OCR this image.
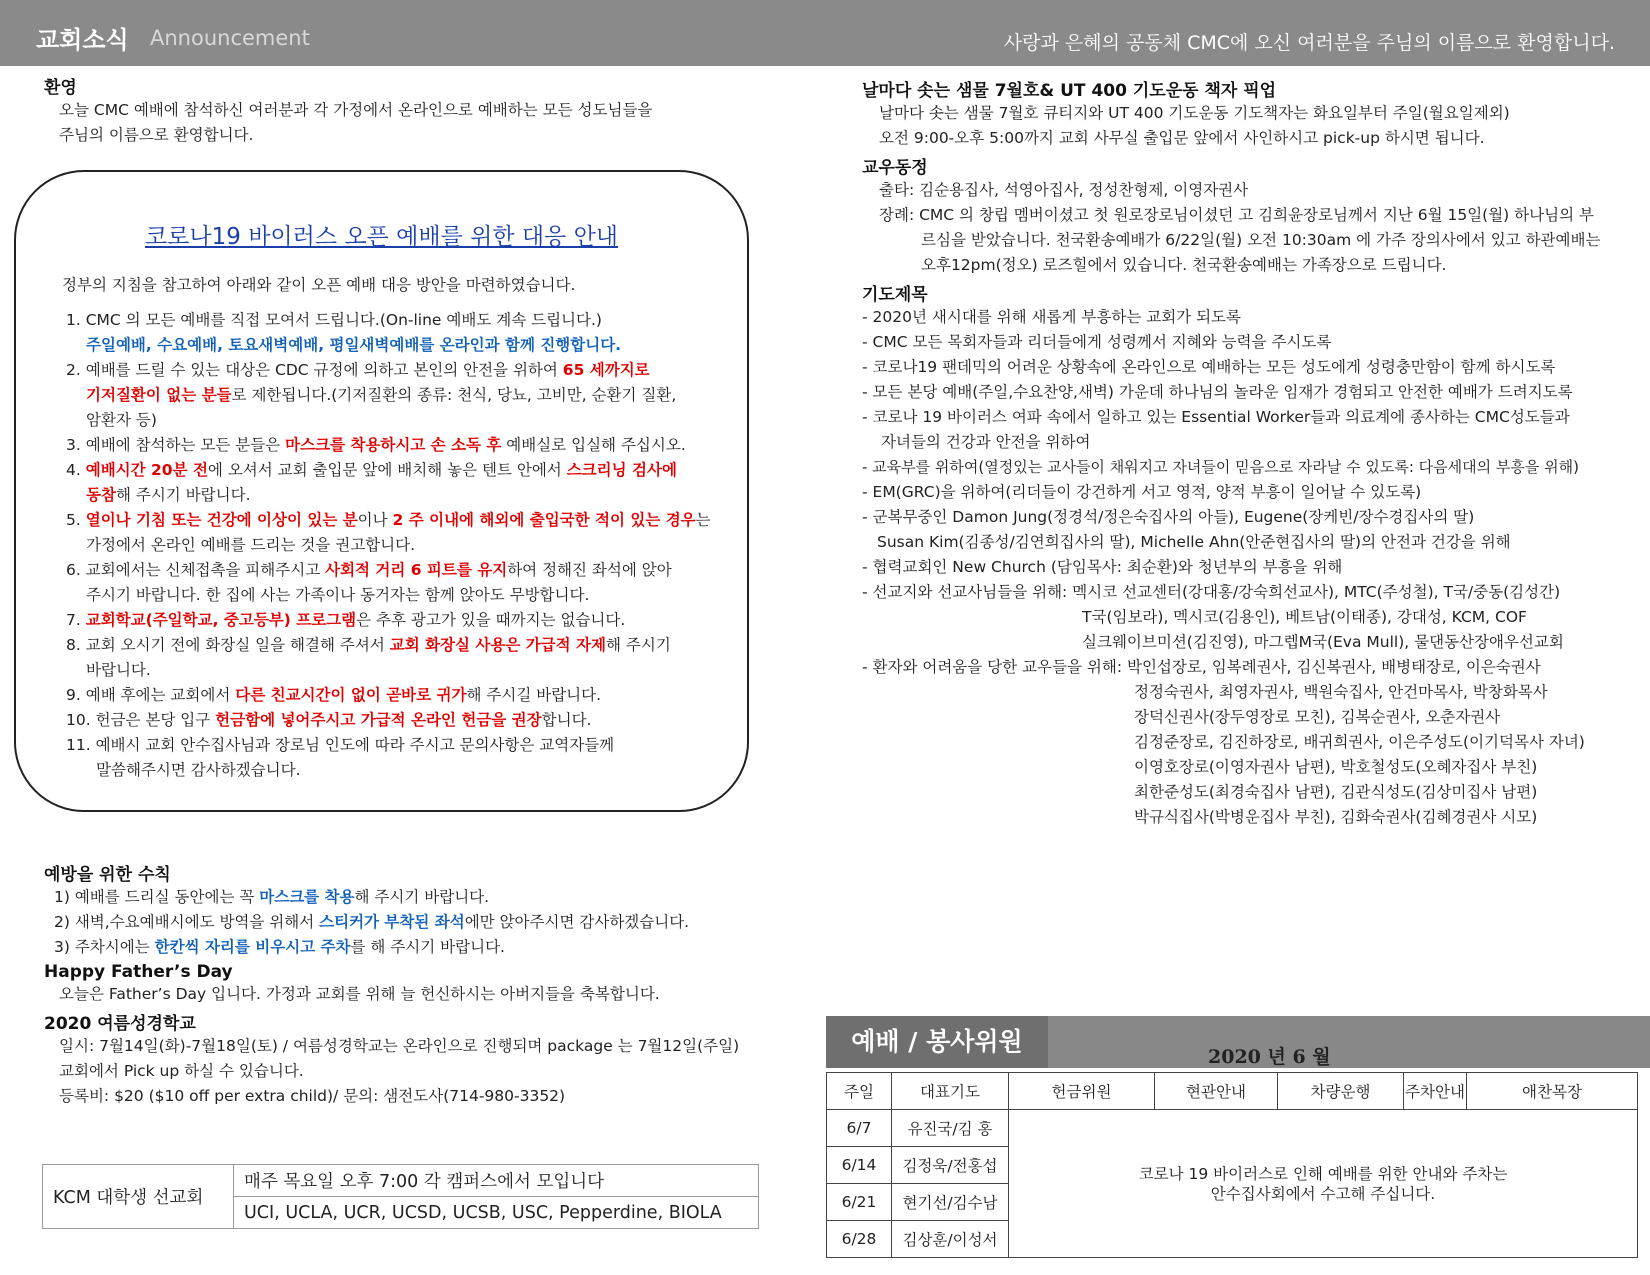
교회소식 Announcement	사랑과 은혜의 공동체 CMC에 오신 여러분을 주님의 이름으로 환영합니다.
환영
오늘 CMC 예배에 참석하신 여러분과 각 가정에서 온라인으로 예배하는 모든 성도님들을
주님의 이름으로 환영합니다.
코로나19 바이러스 오픈 예배를 위한 대응 안내
정부의 지침을 참고하여 아래와 같이 오픈 예배 대응 방안을 마련하였습니다.
1. CMC 의 모든 예배를 직접 모여서 드립니다.(On-line 예배도 계속 드립니다.)
주일예배, 수요예배, 토요새벽예배, 평일새벽예배를 온라인과 함께 진행합니다.
2. 예배를 드릴 수 있는 대상은 CDC 규정에 의하고 본인의 안전을 위하여 65 세까지로
기저질환이 없는 분들로 제한됩니다.(기저질환의 종류: 천식, 당뇨, 고비만, 순환기 질환,
암환자 등)
3. 예배에 참석하는 모든 분들은 마스크를 착용하시고 손 소독 후 예배실로 입실해 주십시오.
4. 예배시간 20분 전에 오셔서 교회 출입문 앞에 배치해 놓은 텐트 안에서 스크리닝 검사에
동참해 주시기 바랍니다.
5. 열이나 기침 또는 건강에 이상이 있는 분이나 2 주 이내에 해외에 출입국한 적이 있는 경우는
가정에서 온라인 예배를 드리는 것을 권고합니다.
6. 교회에서는 신체접촉을 피해주시고 사회적 거리 6 피트를 유지하여 정해진 좌석에 앉아
주시기 바랍니다. 한 집에 사는 가족이나 동거자는 함께 앉아도 무방합니다.
7. 교회학교(주일학교, 중고등부) 프로그램은 추후 광고가 있을 때까지는 없습니다.
8. 교회 오시기 전에 화장실 일을 해결해 주셔서 교회 화장실 사용은 가급적 자제해 주시기
바랍니다.
9. 예배 후에는 교회에서 다른 친교시간이 없이 곧바로 귀가해 주시길 바랍니다.
10. 헌금은 본당 입구 헌금함에 넣어주시고 가급적 온라인 헌금을 권장합니다.
11. 예배시 교회 안수집사님과 장로님 인도에 따라 주시고 문의사항은 교역자들께
말씀해주시면 감사하겠습니다.
예방을 위한 수칙
1) 예배를 드리실 동안에는 꼭 마스크를 착용해 주시기 바랍니다.
2) 새벽,수요예배시에도 방역을 위해서 스티커가 부착된 좌석에만 앉아주시면 감사하겠습니다.
3) 주차시에는 한칸씩 자리를 비우시고 주차를 해 주시기 바랍니다.
Happy Father’s Day
오늘은 Father’s Day 입니다. 가정과 교회를 위해 늘 헌신하시는 아버지들을 축복합니다.
2020 여름성경학교
일시: 7월14일(화)-7월18일(토) / 여름성경학교는 온라인으로 진행되며 package 는 7월12일(주일)
교회에서 Pick up 하실 수 있습니다.
등록비: $20 ($10 off per extra child)/ 문의: 샘전도사(714-980-3352)
KCM 대학생 선교회	매주 목요일 오후 7:00 각 캠퍼스에서 모입니다
UCI, UCLA, UCR, UCSD, UCSB, USC, Pepperdine, BIOLA
날마다 솟는 샘물 7월호& UT 400 기도운동 책자 픽업
날마다 솟는 샘물 7월호 큐티지와 UT 400 기도운동 기도책자는 화요일부터 주일(월요일제외)
오전 9:00-오후 5:00까지 교회 사무실 출입문 앞에서 사인하시고 pick-up 하시면 됩니다.
교우동정
출타: 김순용집사, 석영아집사, 정성찬형제, 이영자권사
장례: CMC 의 창립 멤버이셨고 첫 원로장로님이셨던 고 김희윤장로님께서 지난 6월 15일(월) 하나님의 부
르심을 받았습니다. 천국환송예배가 6/22일(월) 오전 10:30am 에 가주 장의사에서 있고 하관예배는
오후12pm(정오) 로즈힐에서 있습니다. 천국환송예배는 가족장으로 드립니다.
기도제목
- 2020년 새시대를 위해 새롭게 부흥하는 교회가 되도록
- CMC 모든 목회자들과 리더들에게 성령께서 지혜와 능력을 주시도록
- 코로나19 팬데믹의 어려운 상황속에 온라인으로 예배하는 모든 성도에게 성령충만함이 함께 하시도록
- 모든 본당 예배(주일,수요찬양,새벽) 가운데 하나님의 놀라운 임재가 경험되고 안전한 예배가 드려지도록
- 코로나 19 바이러스 여파 속에서 일하고 있는 Essential Worker들과 의료계에 종사하는 CMC성도들과
자녀들의 건강과 안전을 위하여
- 교육부를 위하여(열정있는 교사들이 채워지고 자녀들이 믿음으로 자라날 수 있도록: 다음세대의 부흥을 위해)
- EM(GRC)을 위하여(리더들이 강건하게 서고 영적, 양적 부흥이 일어날 수 있도록)
- 군복무중인 Damon Jung(정경석/정은숙집사의 아들), Eugene(장케빈/장수경집사의 딸)
Susan Kim(김종성/김연희집사의 딸), Michelle Ahn(안준현집사의 딸)의 안전과 건강을 위해
- 협력교회인 New Church (담임목사: 최순환)와 청년부의 부흥을 위해
- 선교지와 선교사님들을 위해: 멕시코 선교센터(강대홍/강숙희선교사), MTC(주성철), T국/중동(김성간)
T국(임보라), 멕시코(김용인), 베트남(이태종), 강대성, KCM, COF
실크웨이브미션(김진영), 마그렙M국(Eva Mull), 물댄동산장애우선교회
- 환자와 어려움을 당한 교우들을 위해: 박인섭장로, 임복례권사, 김신복권사, 배병태장로, 이은숙권사
정정숙권사, 최영자권사, 백원숙집사, 안건마목사, 박창화목사
장덕신권사(장두영장로 모친), 김복순권사, 오춘자권사
김정준장로, 김진하장로, 배귀희권사, 이은주성도(이기덕목사 자녀)
이영호장로(이영자권사 남편), 박호철성도(오혜자집사 부친)
최한준성도(최경숙집사 남편), 김관식성도(김상미집사 남편)
박규식집사(박병운집사 부친), 김화숙권사(김혜경권사 시모)
예배 / 봉사위원
2020 년 6 월
주일	대표기도	헌금위원	현관안내	차량운행	주차안내	애찬목장
6/7	유진국/김 홍	코로나 19 바이러스로 인해 예배를 위한 안내와 주차는
안수집사회에서 수고해 주십니다.				

6/14	김정욱/전홍섭					
6/21	현기선/김수남					
6/28	김상훈/이성서					
